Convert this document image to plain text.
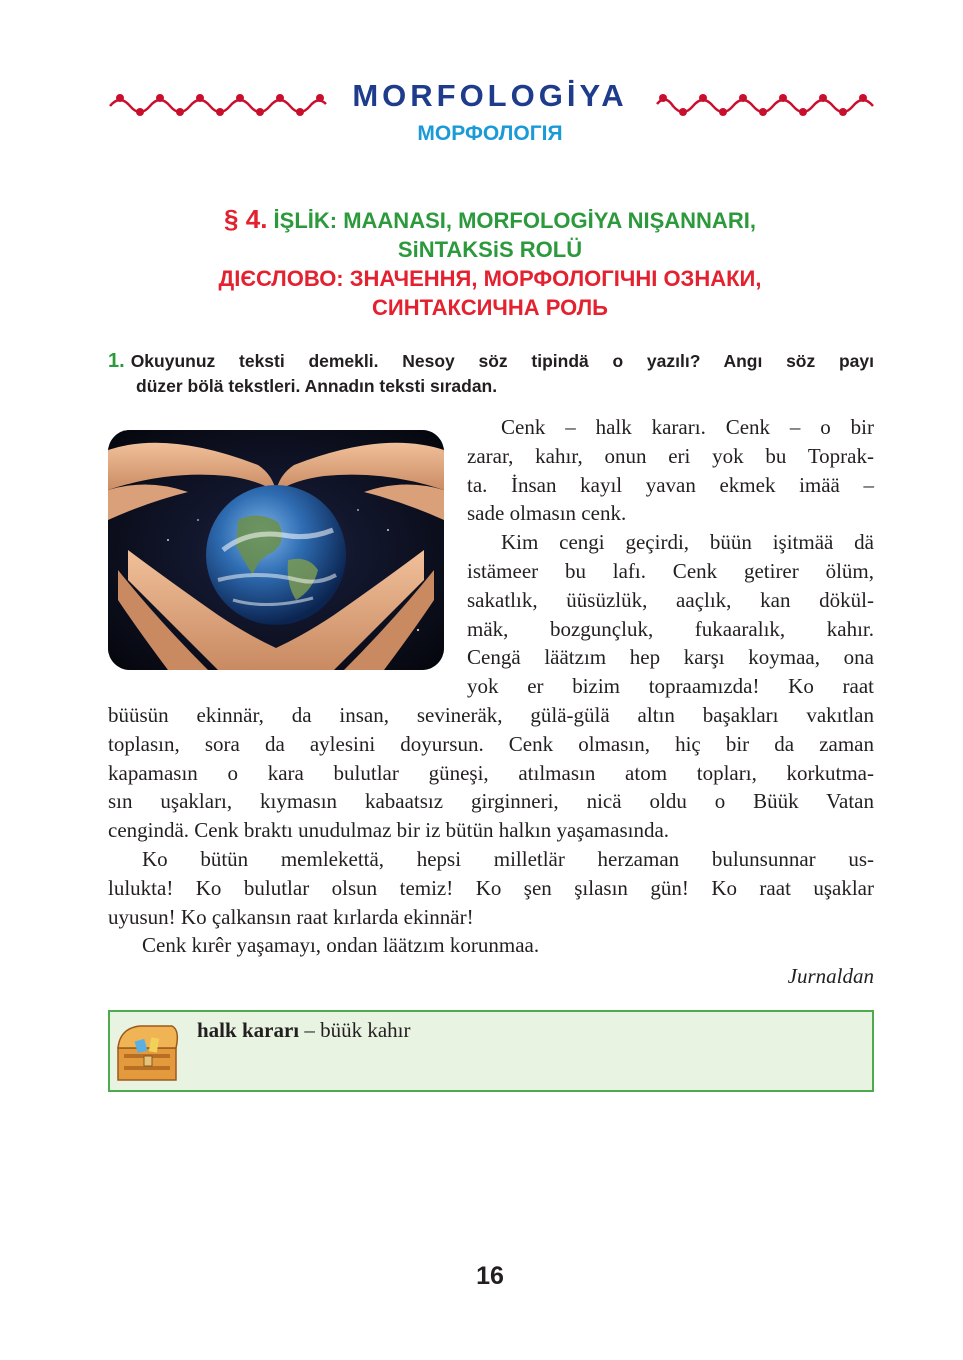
MORFOLOGİYA
МОРФОЛОГІЯ
§ 4. İŞLİK: MAANASI, MORFOLOGİYA NIŞANNARI,
SiNTAKSiS ROLÜ
ДІЄСЛОВО: ЗНАЧЕННЯ, МОРФОЛОГІЧНІ ОЗНАКИ,
СИНТАКСИЧНА РОЛЬ
1. Okuyunuz teksti demekli. Nesoy söz tipindä o yazılı? Angı söz payı
düzer bölä tekstleri. Annadın teksti sıradan.
Cenk – halk kararı. Cenk – o bir
zarar, kahır, onun eri yok bu Toprak-
ta. İnsan kayıl yavan ekmek imää –
sade olmasın cenk.
Kim cengi geçirdi, büün işitmää dä
istämeer bu lafı. Cenk getirer ölüm,
sakatlık, üüsüzlük, aaçlık, kan dökül-
mäk, bozgunçluk, fukaaralık, kahır.
Cengä läätzım hep karşı koymaa, ona
yok er bizim topraamızda! Ko raat
büüsün ekinnär, da insan, sevineräk, gülä-gülä altın başakları vakıtlan
toplasın, sora da aylesini doyursun. Cenk olmasın, hiç bir da zaman
kapamasın o kara bulutlar güneşi, atılmasın atom topları, korkutma-
sın uşakları, kıymasın kabaatsız girginneri, nicä oldu o Büük Vatan
cengindä. Cenk braktı unudulmaz bir iz bütün halkın yaşamasında.
Ko bütün memlekettä, hepsi milletlär herzaman bulunsunnar us-
lulukta! Ko bulutlar olsun temiz! Ko şen şılasın gün! Ko raat uşaklar
uyusun! Ko çalkansın raat kırlarda ekinnär!
Cenk kırêr yaşamayı, ondan läätzım korunmaa.
Jurnaldan
halk kararı – büük kahır
16
